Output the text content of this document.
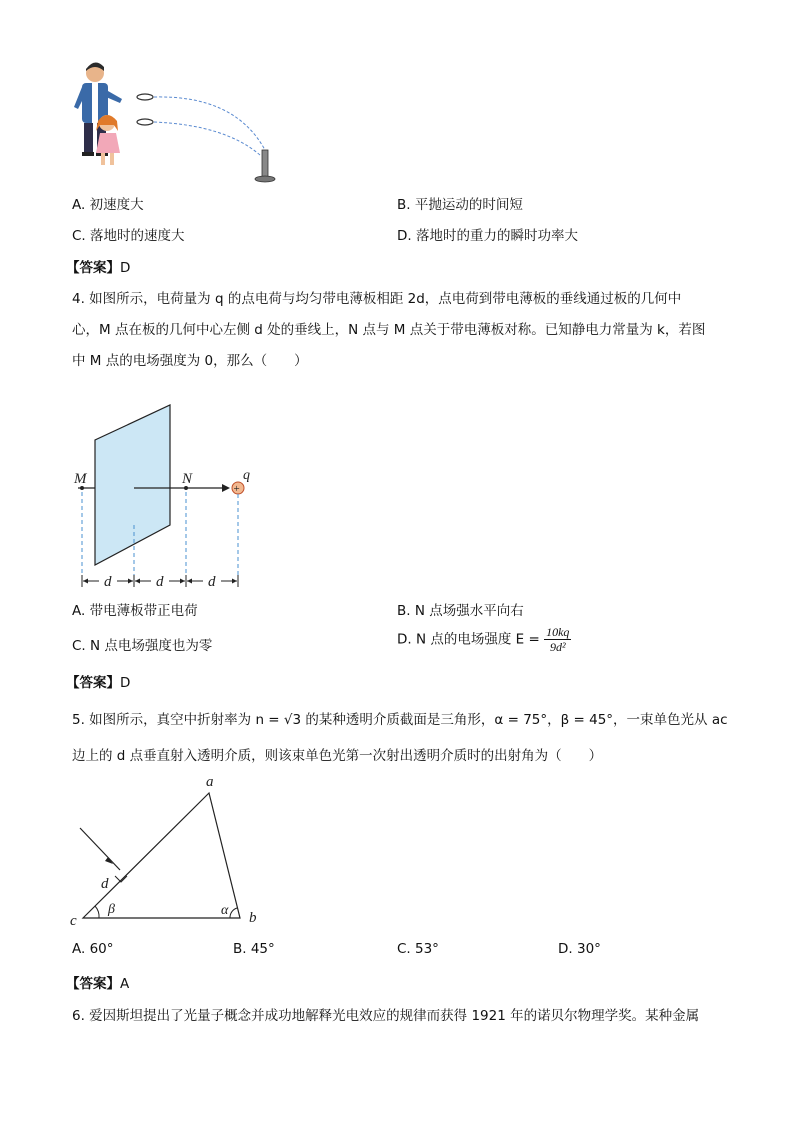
A. 初速度大	B. 平抛运动的时间短
C. 落地时的速度大	D. 落地时的重力的瞬时功率大
【答案】D
4. 如图所示，电荷量为 q 的点电荷与均匀带电薄板相距 2d，点电荷到带电薄板的垂线通过板的几何中
心，M 点在板的几何中心左侧 d 处的垂线上，N 点与 M 点关于带电薄板对称。已知静电力常量为 k，若图
中 M 点的电场强度为 0，那么（　　）
+
M	N	q
d	d	d
A. 带电薄板带正电荷	B. N 点场强水平向右
C. N 点电场强度也为零	D. N 点的电场强度 $E = \frac{10kq}{\text{9d²}}$
【答案】D
5. 如图所示，真空中折射率为 n = √3 的某种透明介质截面是三角形，α = 75°，β = 45°，一束单色光从 ac
边上的 d 点垂直射入透明介质，则该束单色光第一次射出透明介质时的出射角为（　　）
a
b
c
d
β	α
A. 60°	B. 45°	C. 53°	D. 30°
【答案】A
6. 爱因斯坦提出了光量子概念并成功地解释光电效应的规律而获得 1921 年的诺贝尔物理学奖。某种金属
